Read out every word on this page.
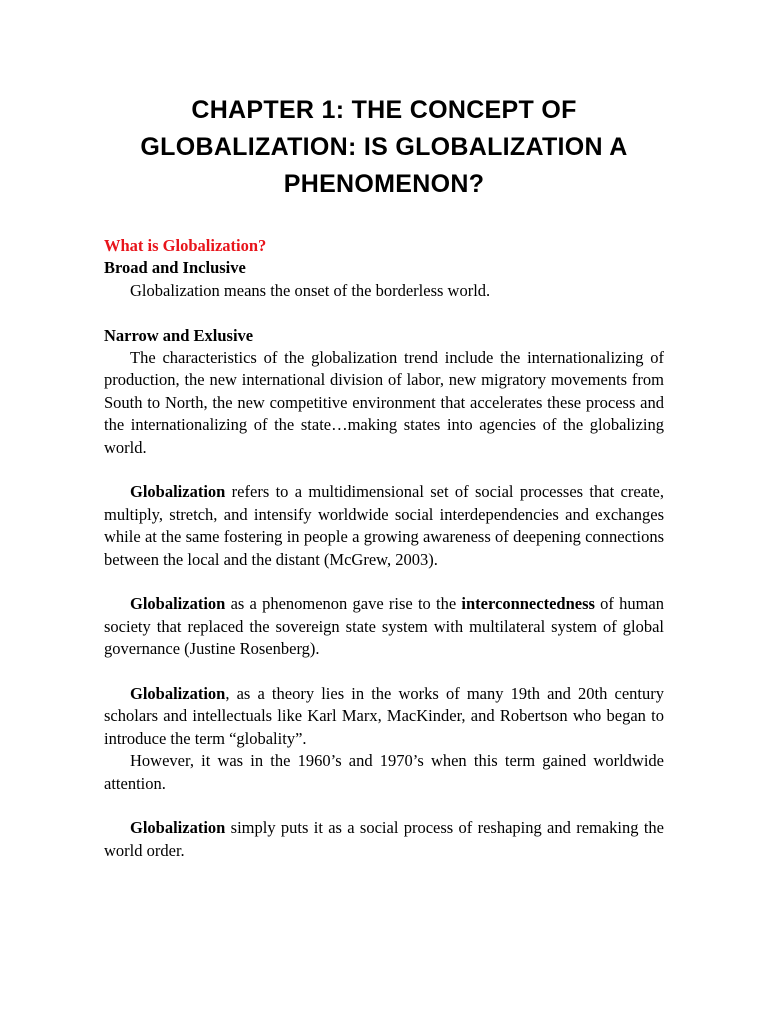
CHAPTER 1: THE CONCEPT OF GLOBALIZATION: IS GLOBALIZATION A PHENOMENON?

What is Globalization?

Broad and Inclusive

Globalization means the onset of the borderless world.

Narrow and Exlusive

The characteristics of the globalization trend include the internationalizing of production, the new international division of labor, new migratory movements from South to North, the new competitive environment that accelerates these process and the internationalizing of the state…making states into agencies of the globalizing world.

Globalization refers to a multidimensional set of social processes that create, multiply, stretch, and intensify worldwide social interdependencies and exchanges while at the same fostering in people a growing awareness of deepening connections between the local and the distant (McGrew, 2003).

Globalization as a phenomenon gave rise to the interconnectedness of human society that replaced the sovereign state system with multilateral system of global governance (Justine Rosenberg).

Globalization, as a theory lies in the works of many 19th and 20th century scholars and intellectuals like Karl Marx, MacKinder, and Robertson who began to introduce the term “globality”.

However, it was in the 1960’s and 1970’s when this term gained worldwide attention.

Globalization simply puts it as a social process of reshaping and remaking the world order.
